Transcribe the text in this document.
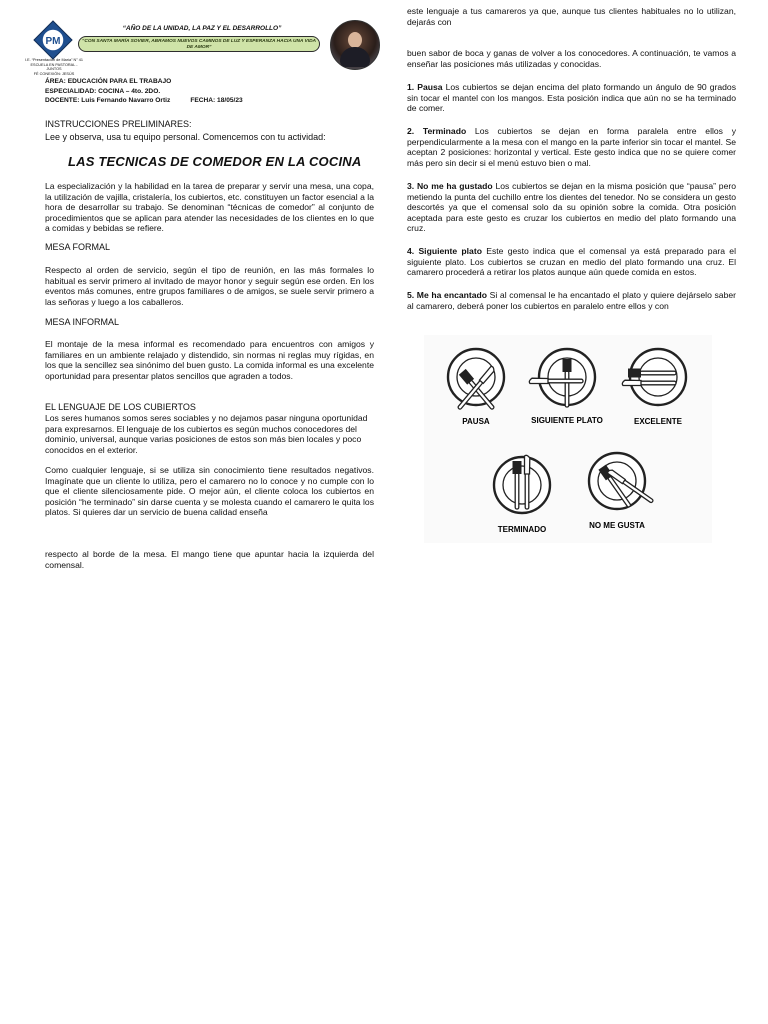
PM
I.E. “Presentación de María” N° 41
ESCUELA EN PASTORAL - JUNTOS
FÉ CONEXIÓN: JESÚS
“AÑO DE LA UNIDAD, LA PAZ Y EL DESARROLLO”
“CON SANTA MARÍA SOVIER, ABRAMOS NUEVOS CAMINOS DE LUZ Y ESPERANZA HACIA UNA VIDA DE AMOR”
ÁREA: EDUCACIÓN PARA EL TRABAJO
ESPECIALIDAD: COCINA – 4to. 2DO.
DOCENTE: Luis Fernando Navarro Ortiz	FECHA: 18/05/23
INSTRUCCIONES PRELIMINARES:
Lee y observa, usa tu equipo personal. Comencemos con tu actividad:
LAS TECNICAS DE COMEDOR EN LA COCINA
La especialización y la habilidad en la tarea de preparar y servir una mesa, una copa, la utilización de vajilla, cristalería, los cubiertos, etc. constituyen un factor esencial a la hora de desarrollar su trabajo. Se denominan “técnicas de comedor” al conjunto de procedimientos que se aplican para atender las necesidades de los clientes en lo que a comidas y bebidas se refiere.
MESA FORMAL
Respecto al orden de servicio, según el tipo de reunión, en las más formales lo habitual es servir primero al invitado de mayor honor y seguir según ese orden. En los eventos más comunes, entre grupos familiares o de amigos, se suele servir primero a las señoras y luego a los caballeros.
MESA INFORMAL
El montaje de la mesa informal es recomendado para encuentros con amigos y familiares en un ambiente relajado y distendido, sin normas ni reglas muy rígidas, en los que la sencillez sea sinónimo del buen gusto. La comida informal es una excelente oportunidad para presentar platos sencillos que agraden a todos.
EL LENGUAJE DE LOS CUBIERTOS
Los seres humanos somos seres sociables y no dejamos pasar ninguna oportunidad para expresarnos. El lenguaje de los cubiertos es según muchos conocedores del dominio, universal, aunque varias posiciones de estos son más bien locales y poco conocidos en el exterior.
Como cualquier lenguaje, si se utiliza sin conocimiento tiene resultados negativos. Imagínate que un cliente lo utiliza, pero el camarero no lo conoce y no cumple con lo que el cliente silenciosamente pide. O mejor aún, el cliente coloca los cubiertos en posición “he terminado” sin darse cuenta y se molesta cuando el camarero le quita los platos. Si quieres dar un servicio de buena calidad enseña
respecto al borde de la mesa. El mango tiene que apuntar hacia la izquierda del comensal.
este lenguaje a tus camareros ya que, aunque tus clientes habituales no lo utilizan, dejarás con
buen sabor de boca y ganas de volver a los conocedores. A continuación, te vamos a enseñar las posiciones más utilizadas y conocidas.
1. Pausa Los cubiertos se dejan encima del plato formando un ángulo de 90 grados sin tocar el mantel con los mangos. Esta posición indica que aún no se ha terminado de comer.
2. Terminado Los cubiertos se dejan en forma paralela entre ellos y perpendicularmente a la mesa con el mango en la parte inferior sin tocar el mantel. Se aceptan 2 posiciones: horizontal y vertical. Este gesto indica que no se quiere comer más pero sin decir si el menú estuvo bien o mal.
3. No me ha gustado Los cubiertos se dejan en la misma posición que “pausa” pero metiendo la punta del cuchillo entre los dientes del tenedor. No se considera un gesto descortés ya que el comensal solo da su opinión sobre la comida. Otra posición aceptada para este gesto es cruzar los cubiertos en medio del plato formando una cruz.
4. Siguiente plato Este gesto indica que el comensal ya está preparado para el siguiente plato. Los cubiertos se cruzan en medio del plato formando una cruz. El camarero procederá a retirar los platos aunque aún quede comida en estos.
5. Me ha encantado Si al comensal le ha encantado el plato y quiere dejárselo saber al camarero, deberá poner los cubiertos en paralelo entre ellos y con
PAUSA	SIGUIENTE PLATO	EXCELENTE
TERMINADO	NO ME GUSTA
